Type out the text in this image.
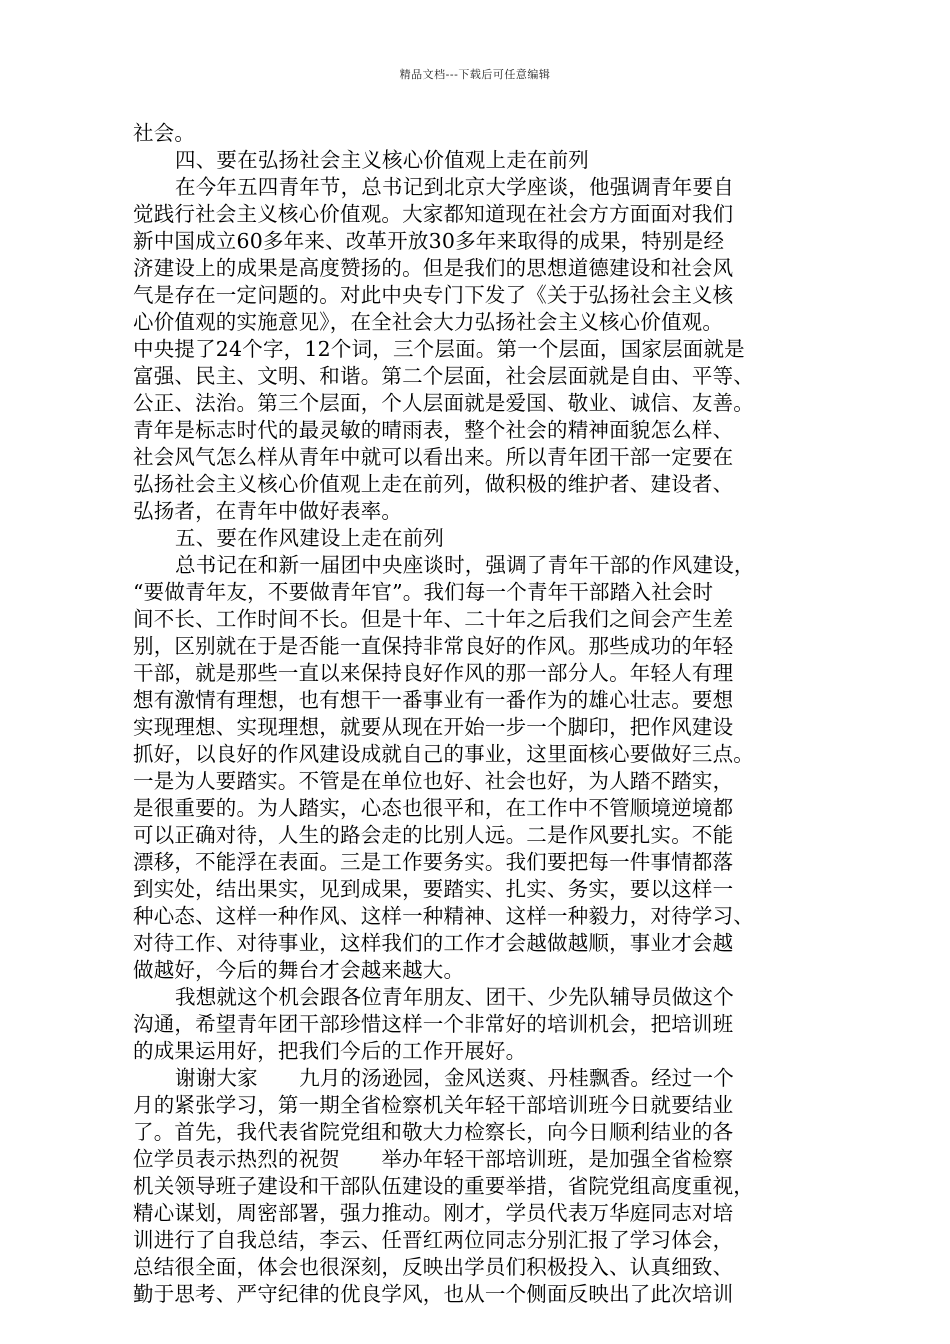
精品文档---下载后可任意编辑
社会。
四、要在弘扬社会主义核心价值观上走在前列
在今年五四青年节，总书记到北京大学座谈，他强调青年要自
觉践行社会主义核心价值观。大家都知道现在社会方方面面对我们
新中国成立60多年来、改革开放30多年来取得的成果，特别是经
济建设上的成果是高度赞扬的。但是我们的思想道德建设和社会风
气是存在一定问题的。对此中央专门下发了《关于弘扬社会主义核
心价值观的实施意见》，在全社会大力弘扬社会主义核心价值观。
中央提了24个字，12个词，三个层面。第一个层面，国家层面就是
富强、民主、文明、和谐。第二个层面，社会层面就是自由、平等、
公正、法治。第三个层面，个人层面就是爱国、敬业、诚信、友善。
青年是标志时代的最灵敏的晴雨表，整个社会的精神面貌怎么样、
社会风气怎么样从青年中就可以看出来。所以青年团干部一定要在
弘扬社会主义核心价值观上走在前列，做积极的维护者、建设者、
弘扬者，在青年中做好表率。
五、要在作风建设上走在前列
总书记在和新一届团中央座谈时，强调了青年干部的作风建设，
“要做青年友，不要做青年官”。我们每一个青年干部踏入社会时
间不长、工作时间不长。但是十年、二十年之后我们之间会产生差
别，区别就在于是否能一直保持非常良好的作风。那些成功的年轻
干部，就是那些一直以来保持良好作风的那一部分人。年轻人有理
想有激情有理想，也有想干一番事业有一番作为的雄心壮志。要想
实现理想、实现理想，就要从现在开始一步一个脚印，把作风建设
抓好，以良好的作风建设成就自己的事业，这里面核心要做好三点。
一是为人要踏实。不管是在单位也好、社会也好，为人踏不踏实，
是很重要的。为人踏实，心态也很平和，在工作中不管顺境逆境都
可以正确对待，人生的路会走的比别人远。二是作风要扎实。不能
漂移，不能浮在表面。三是工作要务实。我们要把每一件事情都落
到实处，结出果实，见到成果，要踏实、扎实、务实，要以这样一
种心态、这样一种作风、这样一种精神、这样一种毅力，对待学习、
对待工作、对待事业，这样我们的工作才会越做越顺，事业才会越
做越好，今后的舞台才会越来越大。
我想就这个机会跟各位青年朋友、团干、少先队辅导员做这个
沟通，希望青年团干部珍惜这样一个非常好的培训机会，把培训班
的成果运用好，把我们今后的工作开展好。
谢谢大家　　九月的汤逊园，金风送爽、丹桂飘香。经过一个
月的紧张学习，第一期全省检察机关年轻干部培训班今日就要结业
了。首先，我代表省院党组和敬大力检察长，向今日顺利结业的各
位学员表示热烈的祝贺　　举办年轻干部培训班，是加强全省检察
机关领导班子建设和干部队伍建设的重要举措，省院党组高度重视，
精心谋划，周密部署，强力推动。刚才，学员代表万华庭同志对培
训进行了自我总结，李云、任晋红两位同志分别汇报了学习体会，
总结很全面，体会也很深刻，反映出学员们积极投入、认真细致、
勤于思考、严守纪律的优良学风，也从一个侧面反映出了此次培训
